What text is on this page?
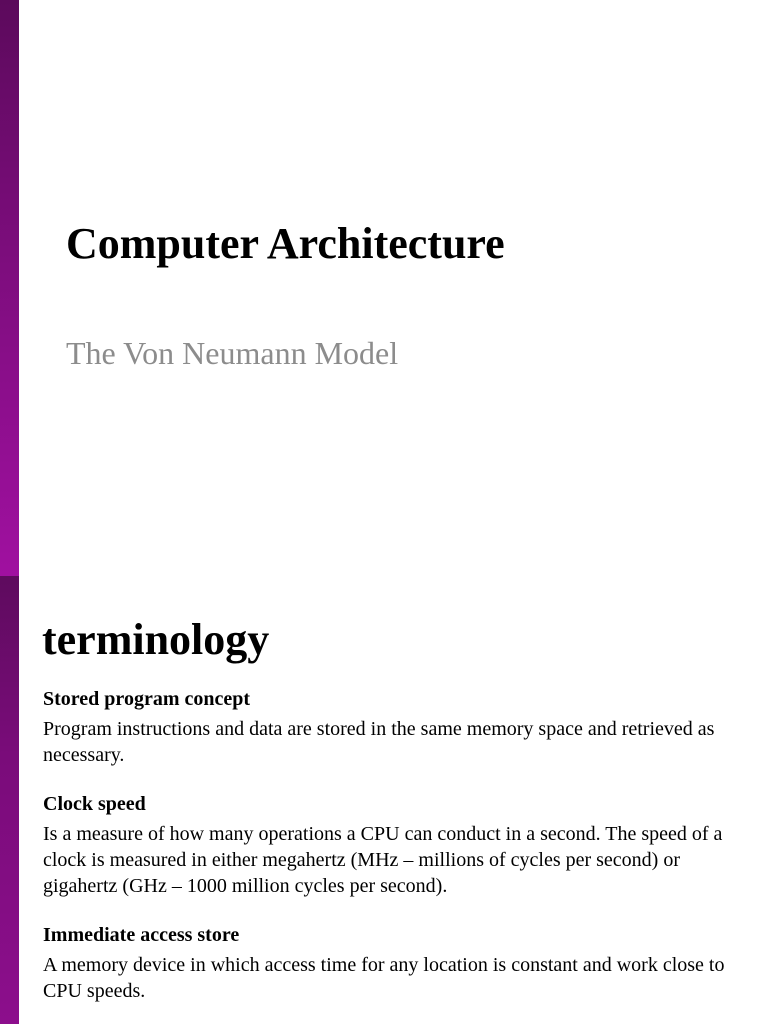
Computer Architecture

The Von Neumann Model

terminology
Stored program concept
Program instructions and data are stored in the same memory space and retrieved as necessary.
Clock speed
Is a measure of how many operations a CPU can conduct in a second. The speed of a clock is measured in either megahertz (MHz – millions of cycles per second) or gigahertz (GHz – 1000 million cycles per second).
Immediate access store
A memory device in which access time for any location is constant and work close to CPU speeds.
